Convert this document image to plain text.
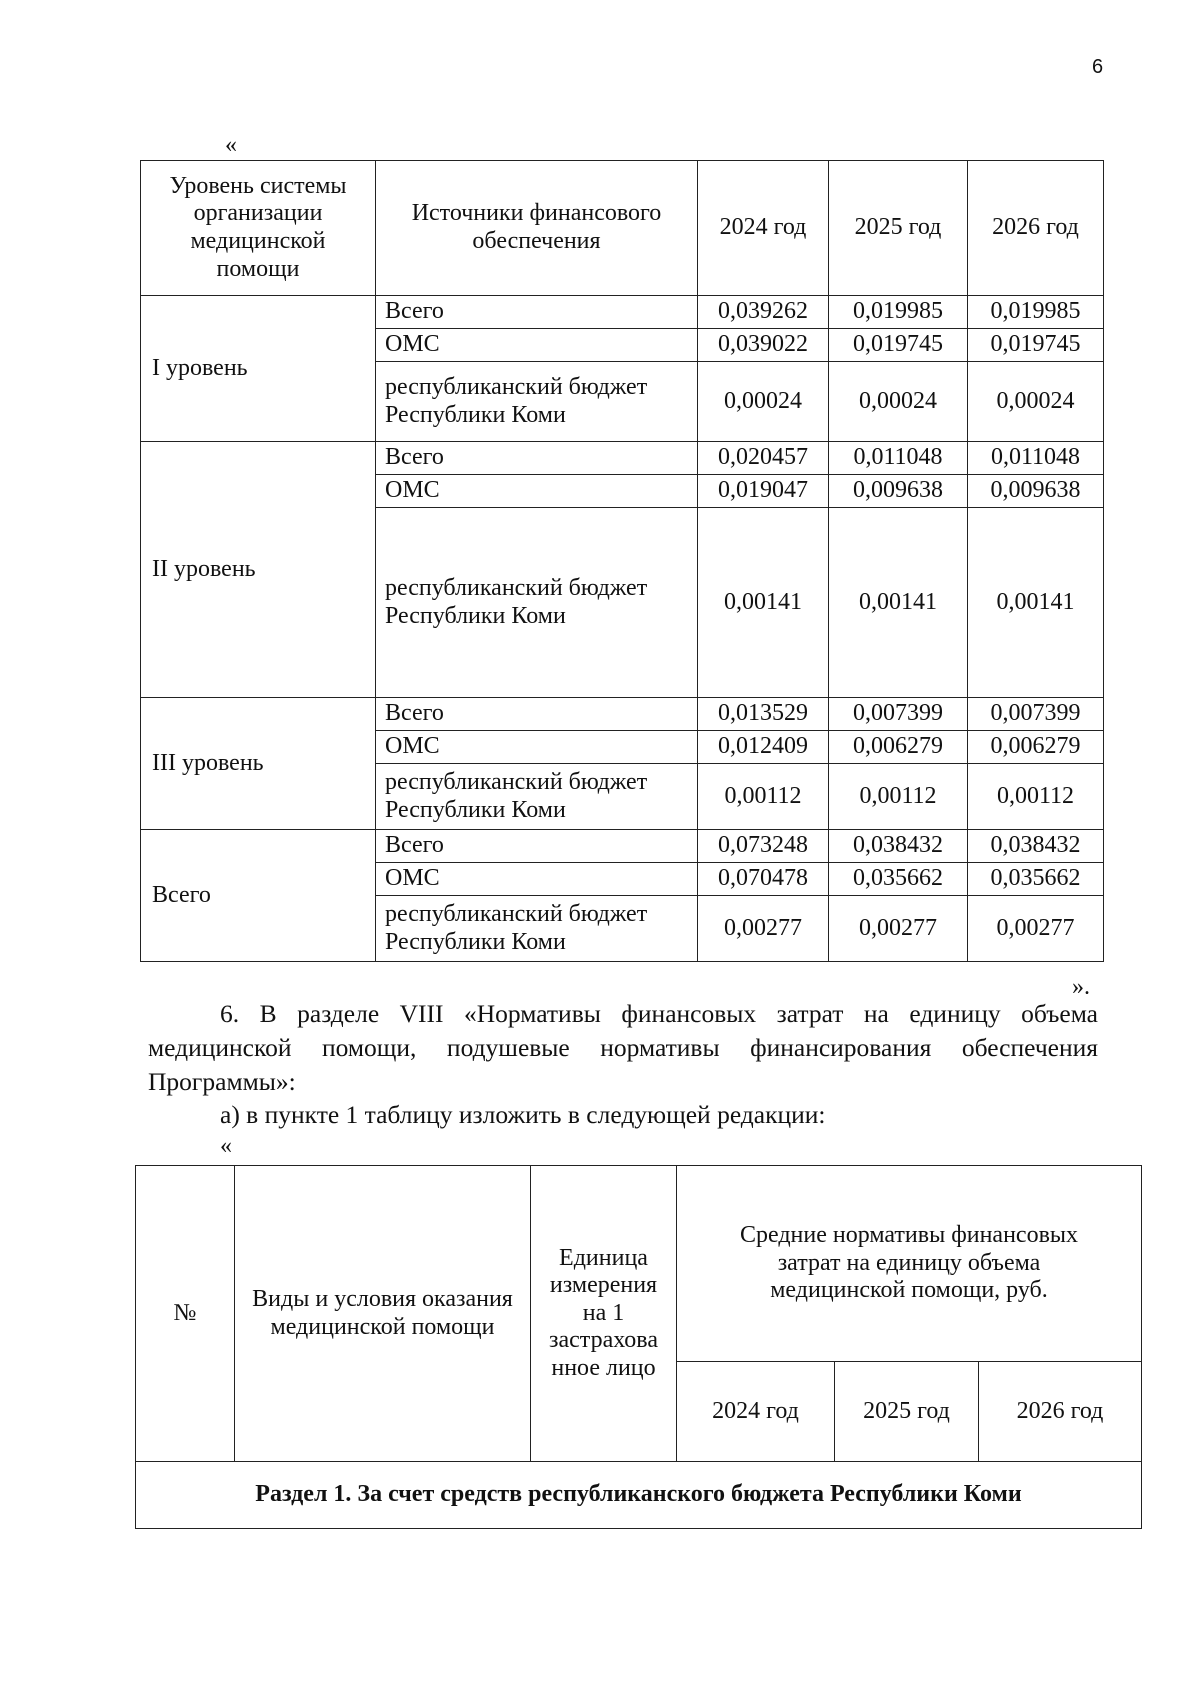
6
«
Уровень системы организации медицинской помощи	Источники финансового обеспечения	2024 год	2025 год	2026 год
I уровень	Всего	0,039262	0,019985	0,019985
	ОМС	0,039022	0,019745	0,019745
	республиканский бюджет Республики Коми	0,00024	0,00024	0,00024
II уровень	Всего	0,020457	0,011048	0,011048
	ОМС	0,019047	0,009638	0,009638
	республиканский бюджет Республики Коми	0,00141	0,00141	0,00141
III уровень	Всего	0,013529	0,007399	0,007399
	ОМС	0,012409	0,006279	0,006279
	республиканский бюджет Республики Коми	0,00112	0,00112	0,00112
Всего	Всего	0,073248	0,038432	0,038432
	ОМС	0,070478	0,035662	0,035662
	республиканский бюджет Республики Коми	0,00277	0,00277	0,00277
».
6. В разделе VIII «Нормативы финансовых затрат на единицу объема медицинской помощи, подушевые нормативы финансирования обеспечения Программы»:
а) в пункте 1 таблицу изложить в следующей редакции:
«
№	Виды и условия оказания медицинской помощи	Единица измерения на 1 застрахова нное лицо	Средние нормативы финансовых затрат на единицу объема медицинской помощи, руб.		
			2024 год	2025 год	2026 год
Раздел 1. За счет средств республиканского бюджета Республики Коми					
